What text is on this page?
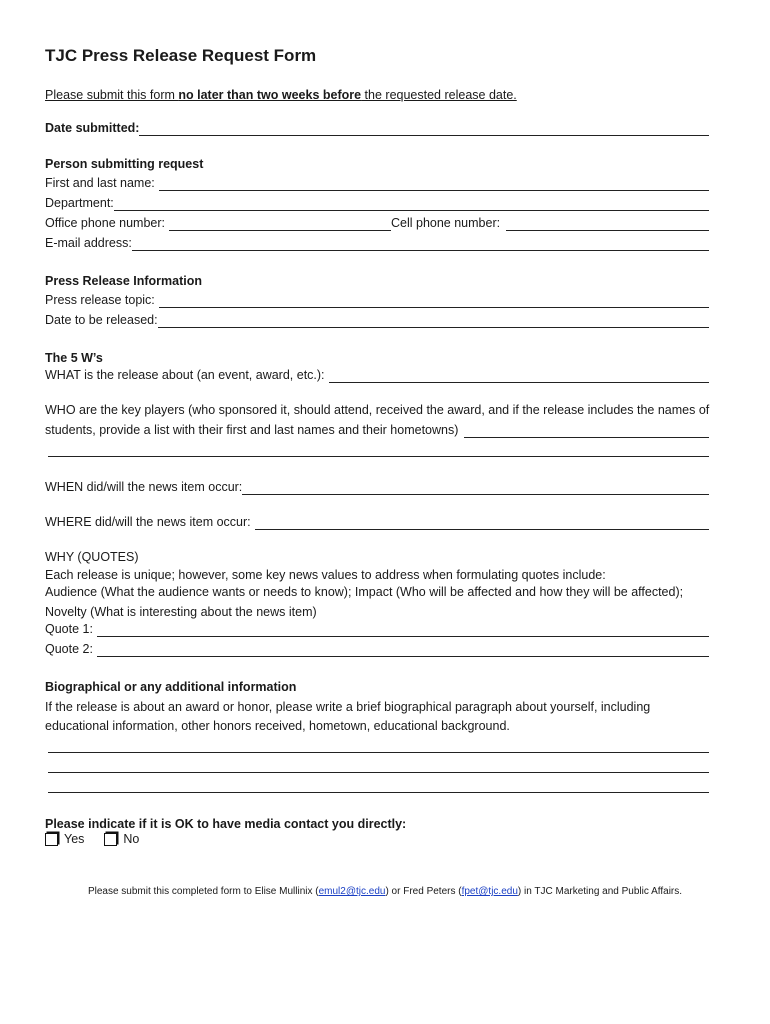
TJC Press Release Request Form
Please submit this form no later than two weeks before the requested release date.
Date submitted:
Person submitting request
First and last name:
Department:
Office phone number:	Cell phone number:
E-mail address:
Press Release Information
Press release topic:
Date to be released:
The 5 W’s
WHAT is the release about (an event, award, etc.):
WHO are the key players (who sponsored it, should attend, received the award, and if the release includes the names of
students, provide a list with their first and last names and their hometowns)
WHEN did/will the news item occur:
WHERE did/will the news item occur:
WHY (QUOTES)
Each release is unique; however, some key news values to address when formulating quotes include:
Audience (What the audience wants or needs to know); Impact (Who will be affected and how they will be affected);
Novelty (What is interesting about the news item)
Quote 1:
Quote 2:
Biographical or any additional information
If the release is about an award or honor, please write a brief biographical paragraph about yourself, including
educational information, other honors received, hometown, educational background.
Please indicate if it is OK to have media contact you directly:
Yes	No
Please submit this completed form to Elise Mullinix (emul2@tjc.edu) or Fred Peters (fpet@tjc.edu) in TJC Marketing and Public Affairs.
